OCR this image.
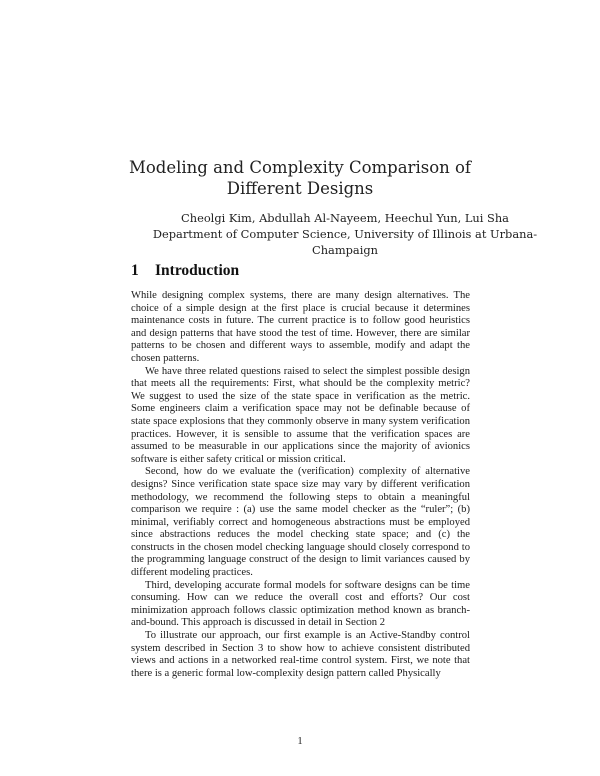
Modeling and Complexity Comparison of
Different Designs
Cheolgi Kim, Abdullah Al-Nayeem, Heechul Yun, Lui Sha
Department of Computer Science, University of Illinois at Urbana-Champaign
1 Introduction

While designing complex systems, there are many design alternatives. The choice of a simple design at the first place is crucial because it determines maintenance costs in future. The current practice is to follow good heuristics and design patterns that have stood the test of time. However, there are similar patterns to be chosen and different ways to assemble, modify and adapt the chosen patterns.

We have three related questions raised to select the simplest possible design that meets all the requirements: First, what should be the complexity metric? We suggest to used the size of the state space in verification as the metric. Some engineers claim a verification space may not be definable because of state space explosions that they commonly observe in many system verification practices. However, it is sensible to assume that the verification spaces are assumed to be measurable in our applications since the majority of avionics software is either safety critical or mission critical.

Second, how do we evaluate the (verification) complexity of alternative designs? Since verification state space size may vary by different verification methodology, we recommend the following steps to obtain a meaningful comparison we require : (a) use the same model checker as the “ruler”; (b) minimal, verifiably correct and homogeneous abstractions must be employed since abstractions reduces the model checking state space; and (c) the constructs in the chosen model checking language should closely correspond to the programming language construct of the design to limit variances caused by different modeling practices.

Third, developing accurate formal models for software designs can be time consuming. How can we reduce the overall cost and efforts? Our cost minimization approach follows classic optimization method known as branch-and-bound. This approach is discussed in detail in Section 2

To illustrate our approach, our first example is an Active-Standby control system described in Section 3 to show how to achieve consistent distributed views and actions in a networked real-time control system. First, we note that there is a generic formal low-complexity design pattern called Physically

1
